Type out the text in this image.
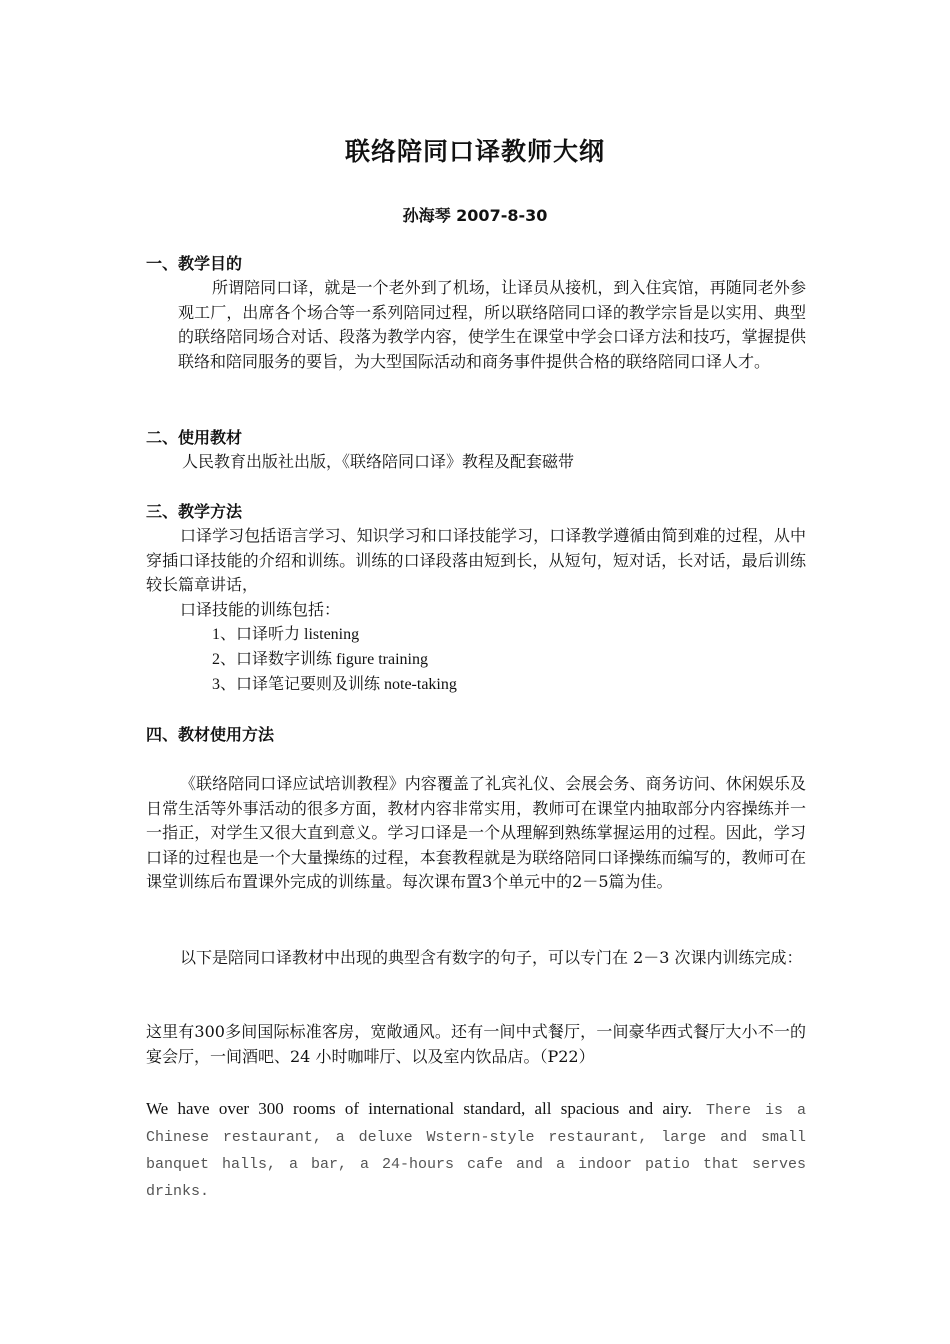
联络陪同口译教师大纲
孙海琴 2007-8-30
一、教学目的

所谓陪同口译，就是一个老外到了机场，让译员从接机，到入住宾馆，再随同老外参观工厂，出席各个场合等一系列陪同过程，所以联络陪同口译的教学宗旨是以实用、典型的联络陪同场合对话、段落为教学内容，使学生在课堂中学会口译方法和技巧，掌握提供联络和陪同服务的要旨，为大型国际活动和商务事件提供合格的联络陪同口译人才。

二、使用教材

人民教育出版社出版，《联络陪同口译》教程及配套磁带

三、教学方法

口译学习包括语言学习、知识学习和口译技能学习，口译教学遵循由简到难的过程，从中穿插口译技能的介绍和训练。训练的口译段落由短到长，从短句，短对话，长对话，最后训练较长篇章讲话，

口译技能的训练包括：

1、口译听力 listening
2、口译数字训练 figure training
3、口译笔记要则及训练 note-taking
四、教材使用方法

《联络陪同口译应试培训教程》内容覆盖了礼宾礼仪、会展会务、商务访问、休闲娱乐及日常生活等外事活动的很多方面，教材内容非常实用，教师可在课堂内抽取部分内容操练并一一指正，对学生又很大直到意义。学习口译是一个从理解到熟练掌握运用的过程。因此，学习口译的过程也是一个大量操练的过程，本套教程就是为联络陪同口译操练而编写的，教师可在课堂训练后布置课外完成的训练量。每次课布置3个单元中的2－5篇为佳。

以下是陪同口译教材中出现的典型含有数字的句子，可以专门在 2－3 次课内训练完成：

这里有300多间国际标准客房，宽敞通风。还有一间中式餐厅，一间豪华西式餐厅大小不一的宴会厅，一间酒吧、24 小时咖啡厅、以及室内饮品店。（P22）

We have over 300 rooms of international standard, all spacious and airy. There is a Chinese restaurant, a deluxe Wstern-style restaurant, large and small banquet halls, a bar, a 24-hours cafe and a indoor patio that serves drinks.
